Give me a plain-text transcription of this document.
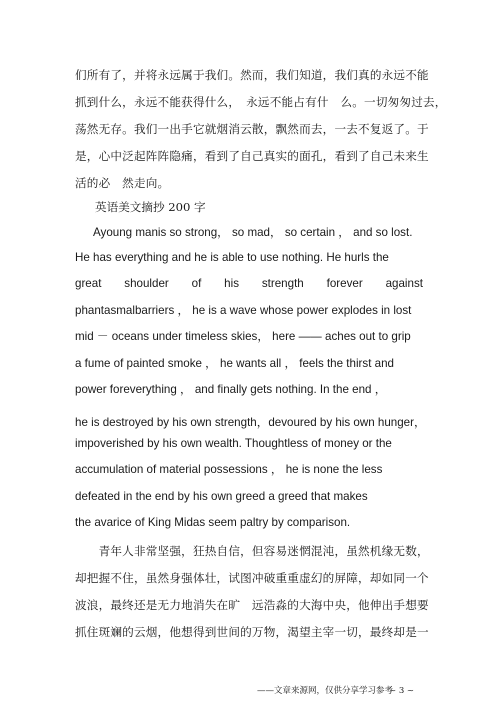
们所有了，并将永远属于我们。然而，我们知道，我们真的永远不能
抓到什么，永远不能获得什么，　永远不能占有什　么。一切匆匆过去，
荡然无存。我们一出手它就烟消云散，飘然而去，一去不复返了。于
是，心中泛起阵阵隐痛，看到了自己真实的面孔，看到了自己未来生
活的必　然走向。
英语美文摘抄 200 字
Ayoung manis so strong， so mad， so certain ， and so lost.
He has everything and he is able to use nothing. He hurls the
great shoulder of his strength forever against
phantasmalbarriers ， he is a wave whose power explodes in lost
mid － oceans under timeless skies， here —— aches out to grip
a fume of painted smoke ， he wants all ， feels the thirst and
power foreverything ， and finally gets nothing. In the end ，
he is destroyed by his own strength，devoured by his own hunger，
impoverished by his own wealth. Thoughtless of money or the
accumulation of material possessions ， he is none the less
defeated in the end by his own greed a greed that makes
the avarice of King Midas seem paltry by comparison.
　　青年人非常坚强，狂热自信，但容易迷惘混沌，虽然机缘无数，
却把握不住，虽然身强体壮，试图冲破重重虚幻的屏障，却如同一个
波浪，最终还是无力地消失在旷　远浩淼的大海中央，他伸出手想要
抓住斑斓的云烟，他想得到世间的万物，渴望主宰一切，最终却是一
——文章来源网，仅供分享学习参考
~ 3 ~
